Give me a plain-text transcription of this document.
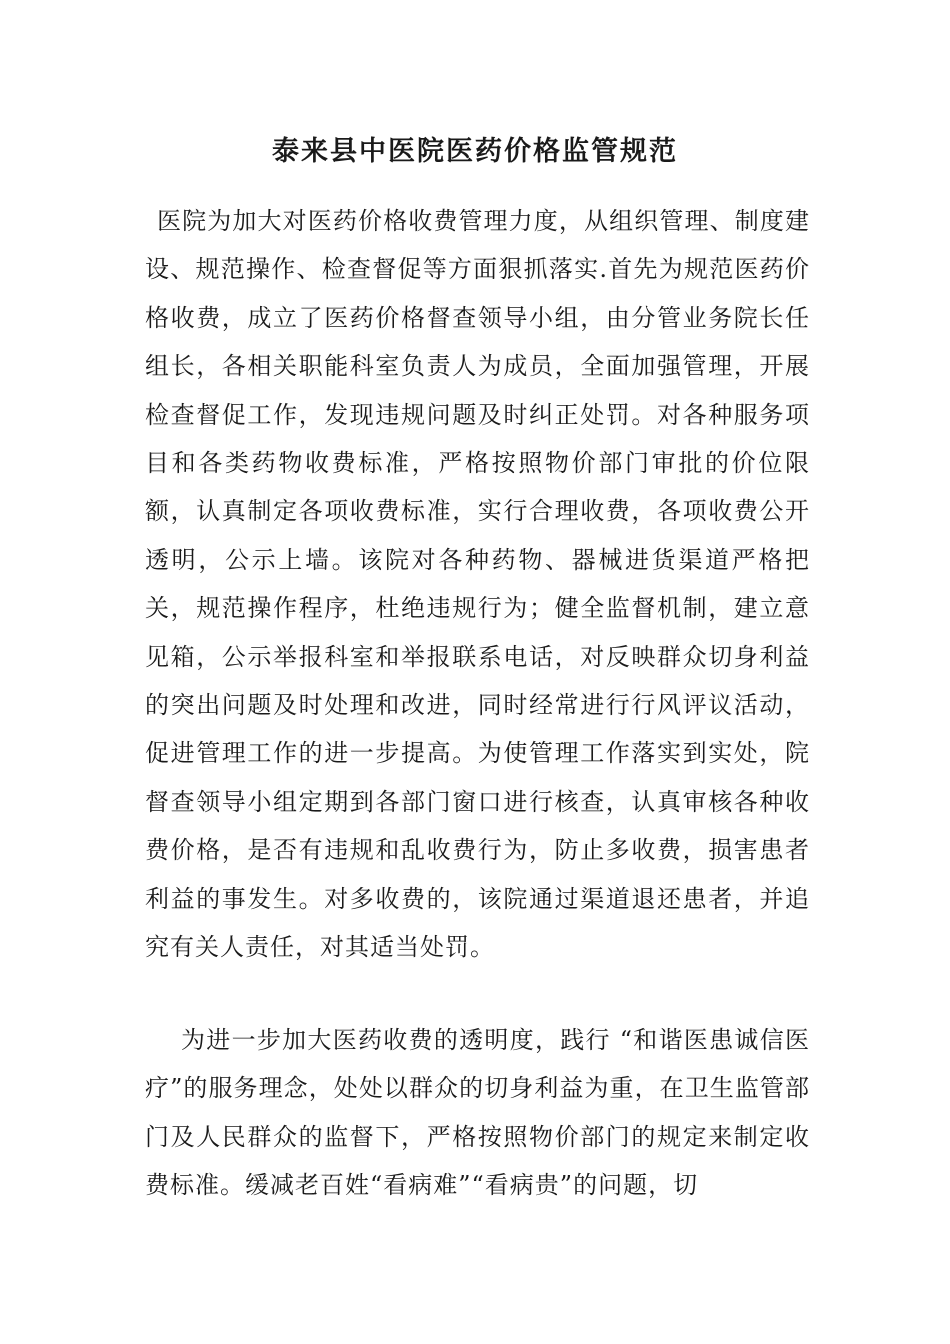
泰来县中医院医药价格监管规范

医院为加大对医药价格收费管理力度，从组织管理、制度建设、规范操作、检查督促等方面狠抓落实.首先为规范医药价格收费，成立了医药价格督查领导小组，由分管业务院长任组长，各相关职能科室负责人为成员，全面加强管理，开展检查督促工作，发现违规问题及时纠正处罚。对各种服务项目和各类药物收费标准，严格按照物价部门审批的价位限额，认真制定各项收费标准，实行合理收费，各项收费公开透明，公示上墙。该院对各种药物、器械进货渠道严格把关，规范操作程序，杜绝违规行为；健全监督机制，建立意见箱，公示举报科室和举报联系电话，对反映群众切身利益的突出问题及时处理和改进，同时经常进行行风评议活动，促进管理工作的进一步提高。为使管理工作落实到实处，院督查领导小组定期到各部门窗口进行核查，认真审核各种收费价格，是否有违规和乱收费行为，防止多收费，损害患者利益的事发生。对多收费的，该院通过渠道退还患者，并追究有关人责任，对其适当处罚。

为进一步加大医药收费的透明度，践行 “和谐医患诚信医疗”的服务理念，处处以群众的切身利益为重，在卫生监管部门及人民群众的监督下，严格按照物价部门的规定来制定收费标准。缓减老百姓“看病难”“看病贵”的问题，切
